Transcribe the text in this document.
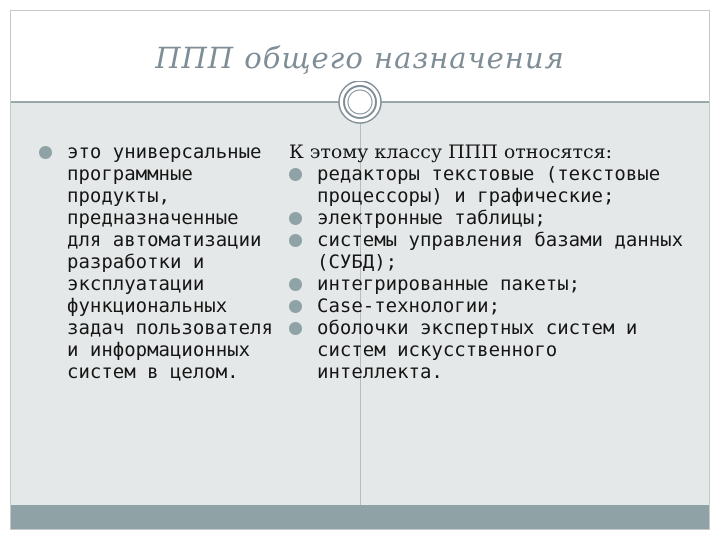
ППП общего назначения
это универсальные программные продукты, предназначенные для автоматизации разработки и эксплуатации функциональных задач пользователя и информационных систем в целом.
К этому классу ППП относятся:
редакторы текстовые (текстовые процессоры) и графические;
электронные таблицы;
системы управления базами данных (СУБД);
интегрированные пакеты;
Case-технологии;
оболочки экспертных систем и систем искусственного интеллекта.
